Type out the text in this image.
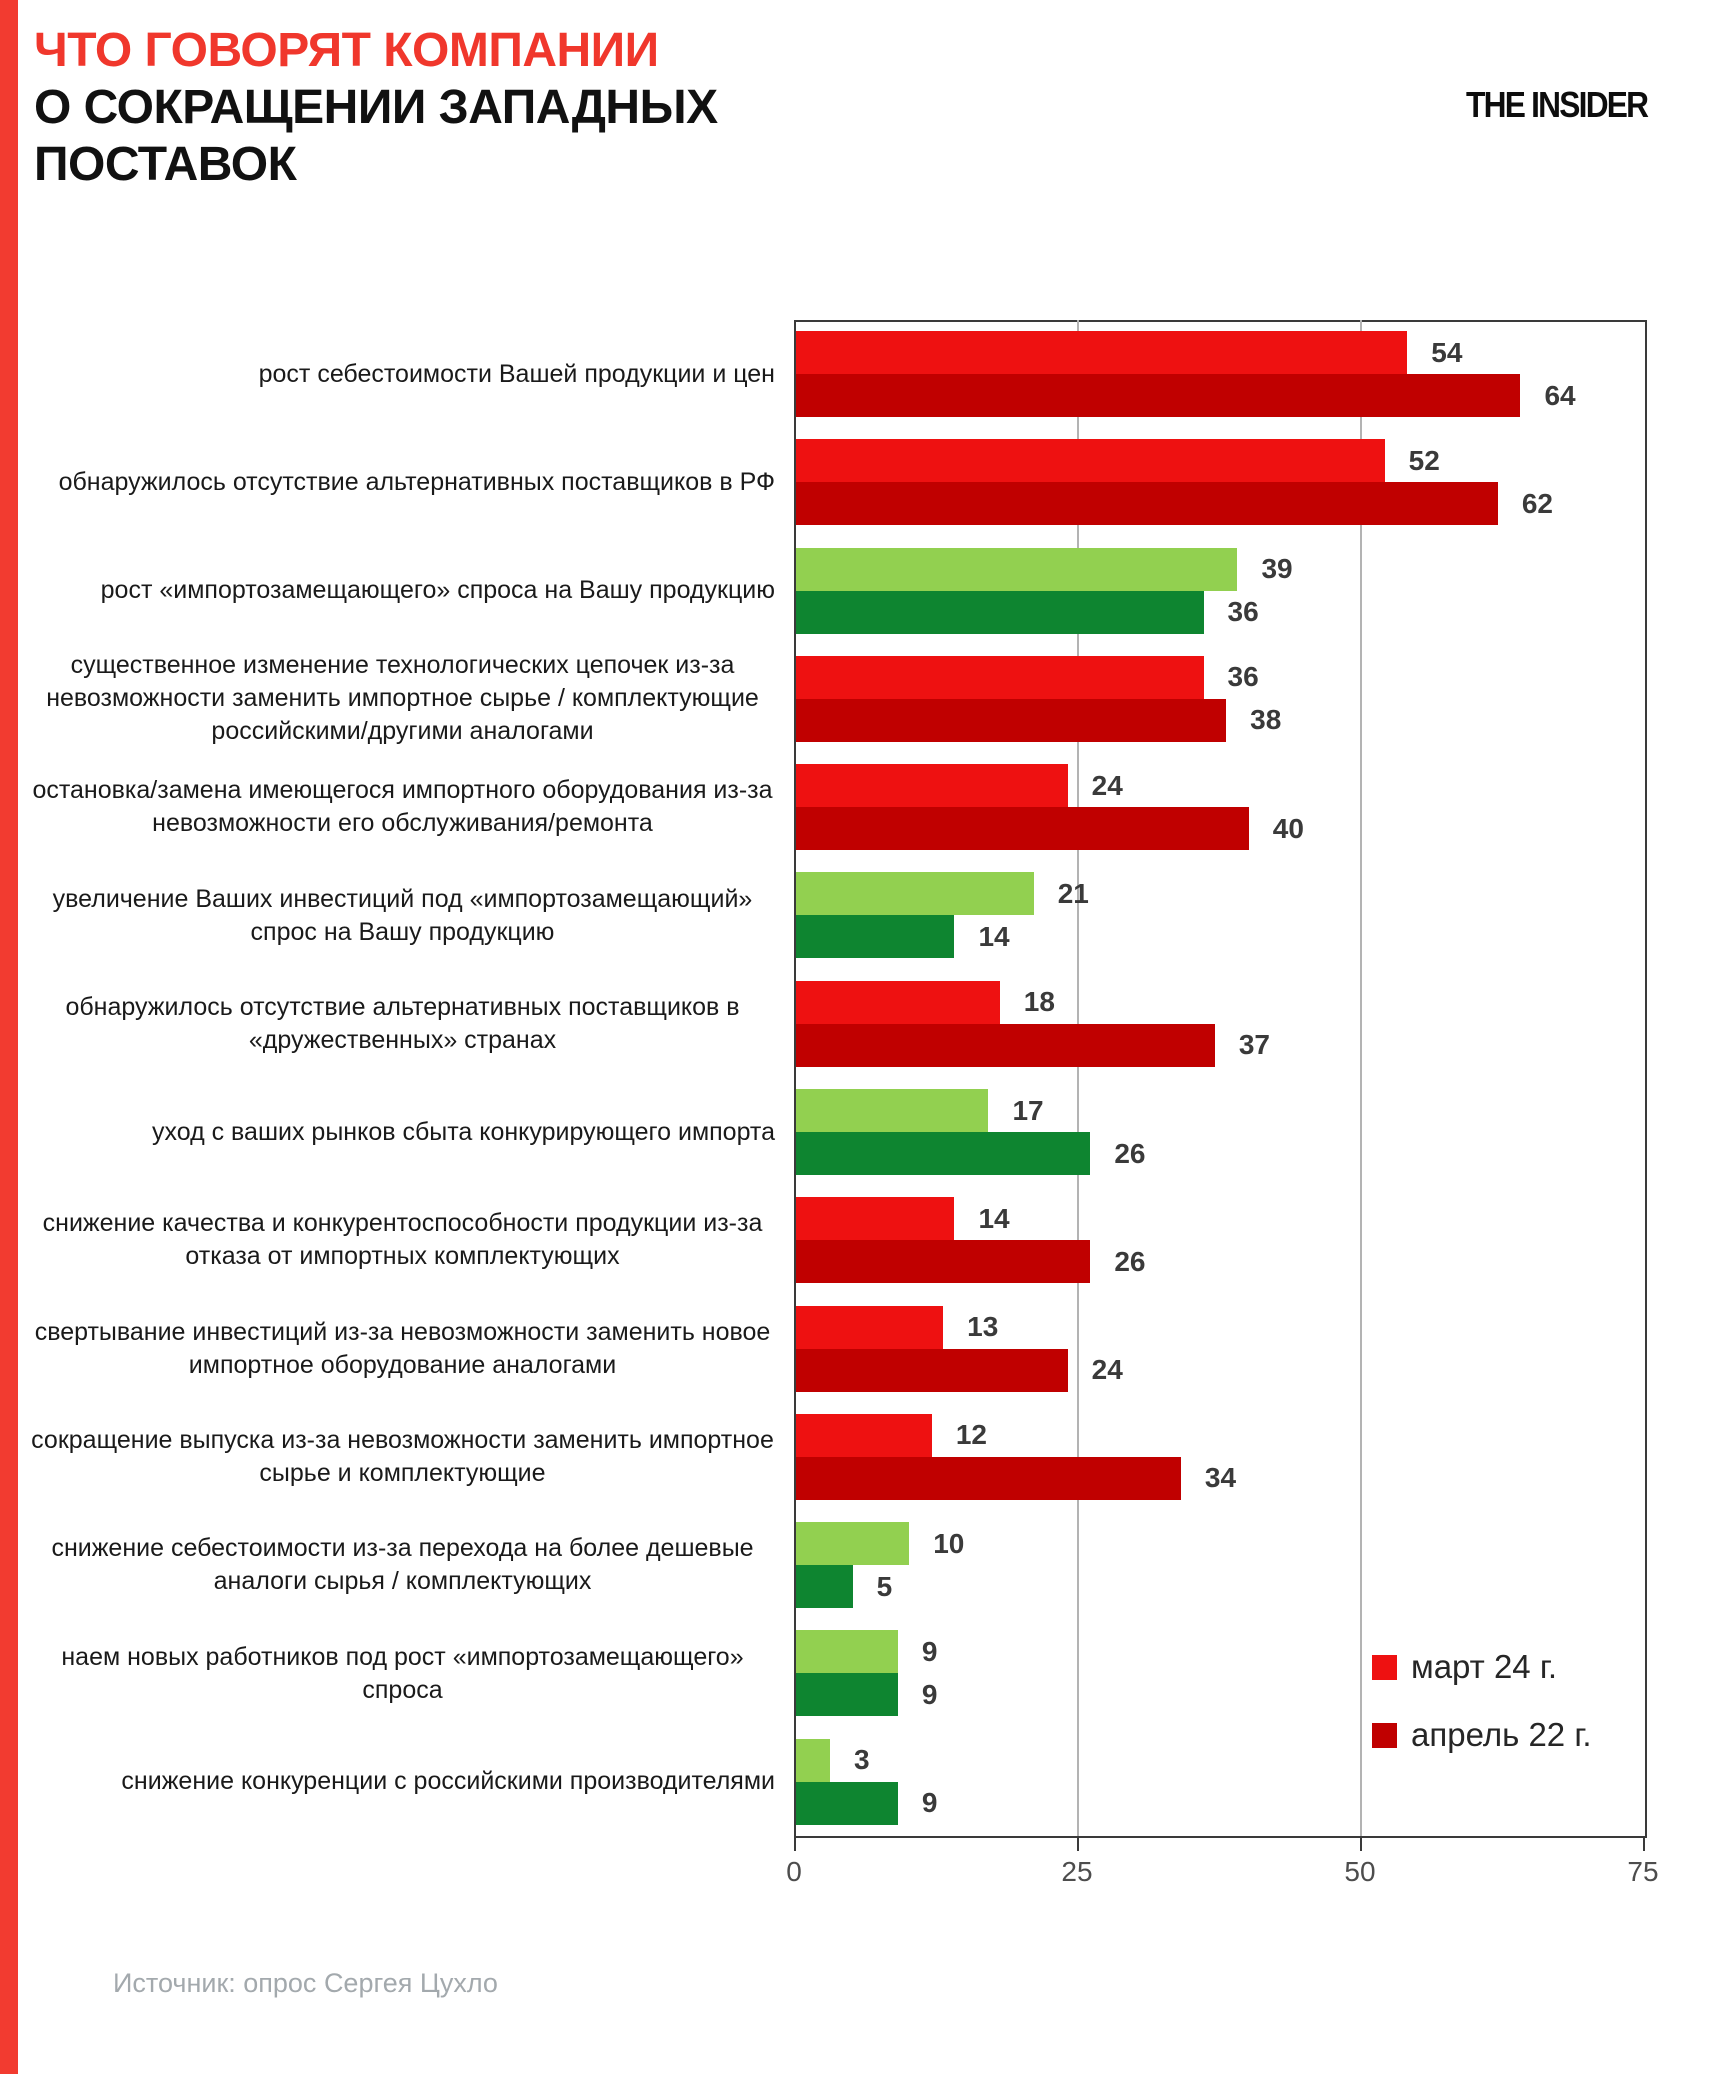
ЧТО ГОВОРЯТ КОМПАНИИ
О СОКРАЩЕНИИ ЗАПАДНЫХ
ПОСТАВОК
THE INSIDER
0	25	50	75
рост себестоимости Вашей продукции и цен
54
64
обнаружилось отсутствие альтернативных поставщиков в РФ
52
62
рост «импортозамещающего» спроса на Вашу продукцию
39
36
существенное изменение технологических цепочек из-за невозможности заменить импортное сырье / комплектующие российскими/другими аналогами
36
38
остановка/замена имеющегося импортного оборудования из-за невозможности его обслуживания/ремонта
24
40
увеличение Ваших инвестиций под «импортозамещающий» спрос на Вашу продукцию
21
14
обнаружилось отсутствие альтернативных поставщиков в «дружественных» странах
18
37
уход с ваших рынков сбыта конкурирующего импорта
17
26
снижение качества и конкурентоспособности продукции из-за отказа от импортных комплектующих
14
26
свертывание инвестиций из-за невозможности заменить новое импортное оборудование аналогами
13
24
сокращение выпуска из-за невозможности заменить импортное сырье и комплектующие
12
34
снижение себестоимости из-за перехода на более дешевые аналоги сырья / комплектующих
10
5
наем новых работников под рост «импортозамещающего» спроса
9
9
снижение конкуренции с российскими производителями
3
9
март 24 г.
апрель 22 г.
Источник: опрос Сергея Цухло
